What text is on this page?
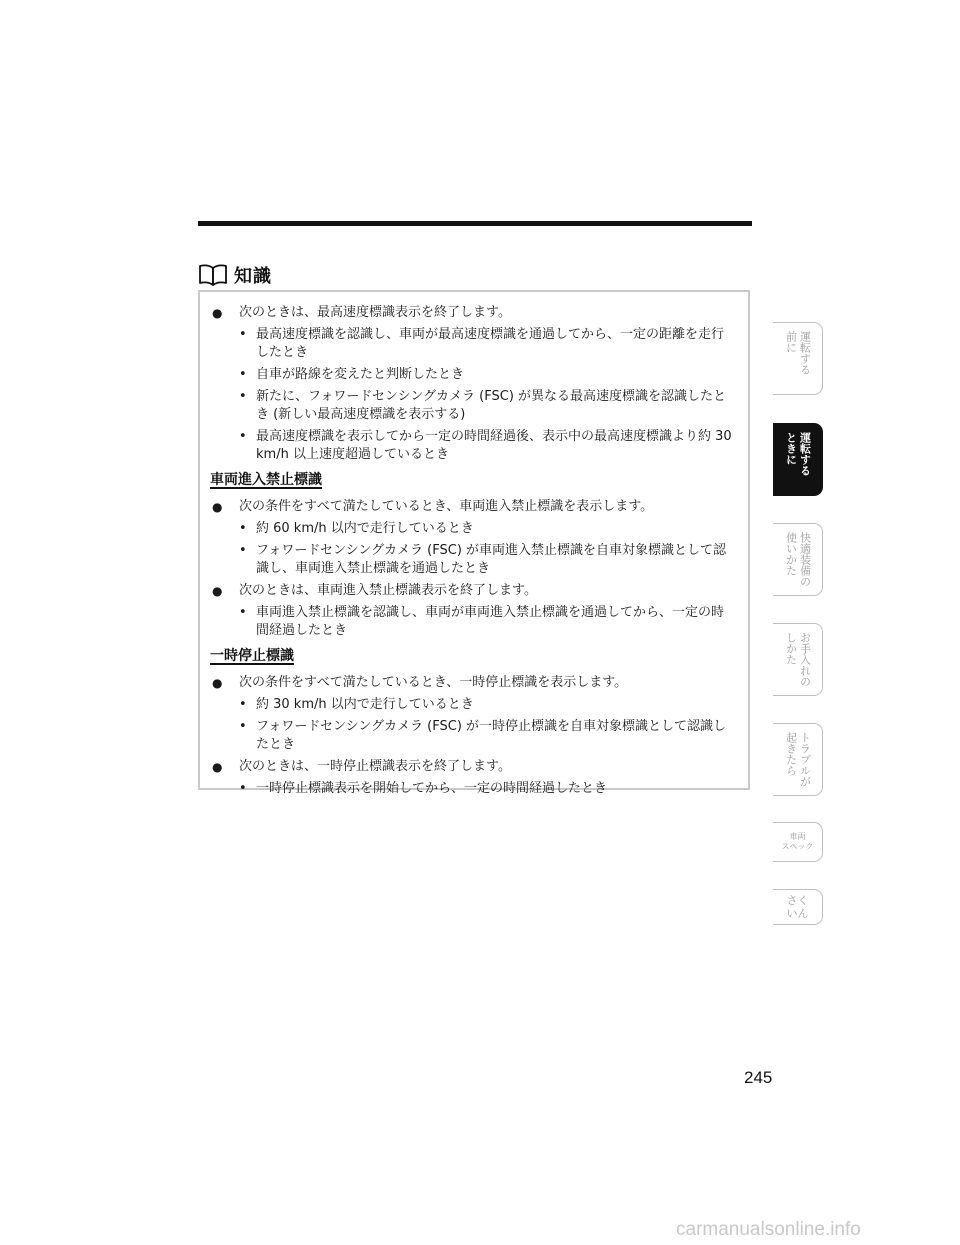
知識
● 次のときは、最高速度標識表示を終了します。
• 最高速度標識を認識し、車両が最高速度標識を通過してから、一定の距離を走行したとき
• 自車が路線を変えたと判断したとき
• 新たに、フォワードセンシングカメラ (FSC) が異なる最高速度標識を認識したとき (新しい最高速度標識を表示する)
• 最高速度標識を表示してから一定の時間経過後、表示中の最高速度標識より約 30 km/h 以上速度超過しているとき
車両進入禁止標識
● 次の条件をすべて満たしているとき、車両進入禁止標識を表示します。
• 約 60 km/h 以内で走行しているとき
• フォワードセンシングカメラ (FSC) が車両進入禁止標識を自車対象標識として認識し、車両進入禁止標識を通過したとき
● 次のときは、車両進入禁止標識表示を終了します。
• 車両進入禁止標識を認識し、車両が車両進入禁止標識を通過してから、一定の時間経過したとき
一時停止標識
● 次の条件をすべて満たしているとき、一時停止標識を表示します。
• 約 30 km/h 以内で走行しているとき
• フォワードセンシングカメラ (FSC) が一時停止標識を自車対象標識として認識したとき
● 次のときは、一時停止標識表示を終了します。
• 一時停止標識表示を開始してから、一定の時間経過したとき
運転する
前に
運転する
ときに
快適装備の
使いかた
お手入れの
しかた
トラブルが
起きたら
車両
スペック
さく
いん
245
carmanualsonline.info
